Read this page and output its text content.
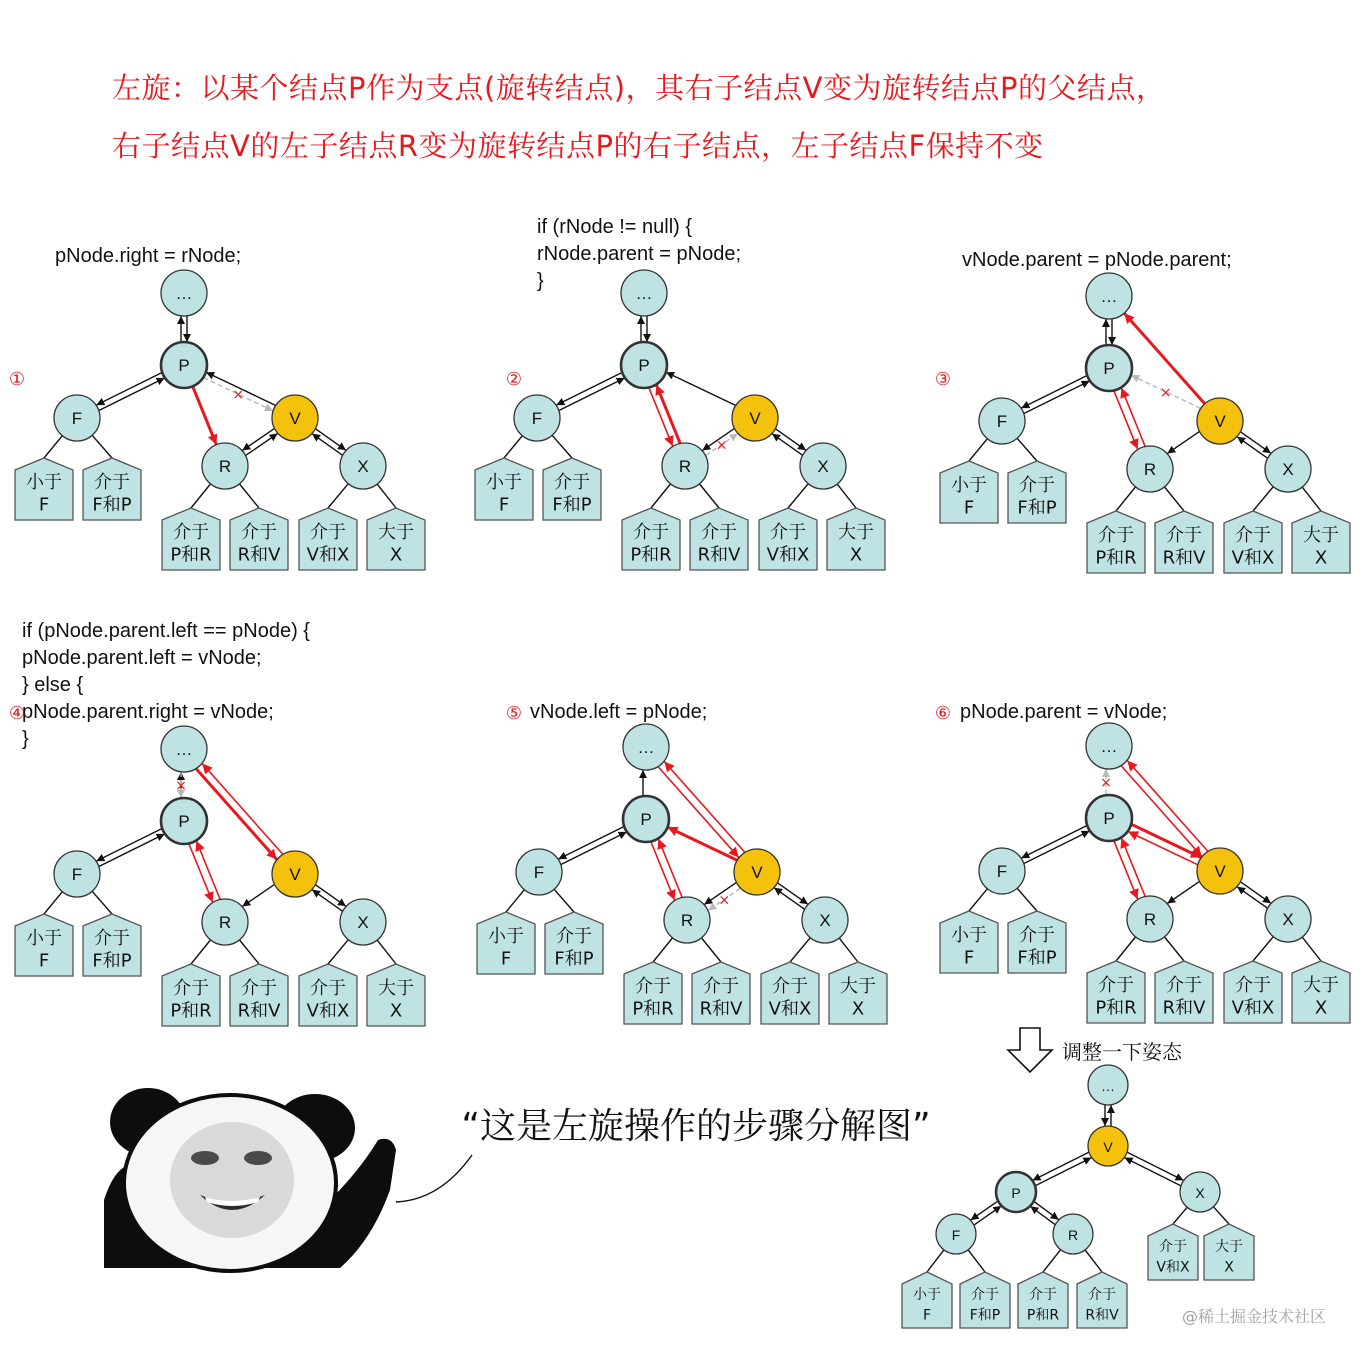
左旋：以某个结点P作为支点(旋转结点)，其右子结点V变为旋转结点P的父结点，
右子结点V的左子结点R变为旋转结点P的右子结点，左子结点F保持不变
pNode.right = rNode;
①
×
…
P
F	V
R	X
小于
F
介于
F和P
介于
P和R
介于
R和V
介于
V和X
大于
X
if (rNode != null) {
rNode.parent = pNode;
}
②
×
…
P
F	V
R	X
小于
F
介于
F和P
介于
P和R
介于
R和V
介于
V和X
大于
X
vNode.parent = pNode.parent;
③
×
…
P
F	V
R	X
小于
F
介于
F和P
介于
P和R
介于
R和V
介于
V和X
大于
X
if (pNode.parent.left == pNode) {
pNode.parent.left = vNode;
} else {
pNode.parent.right = vNode;
}
④
×
…
P
F	V
R	X
小于
F
介于
F和P
介于
P和R
介于
R和V
介于
V和X
大于
X
vNode.left = pNode;
⑤
×
…
P
F	V
R	X
小于
F
介于
F和P
介于
P和R
介于
R和V
介于
V和X
大于
X
pNode.parent = vNode;
⑥
×
…
P
F	V
R	X
小于
F
介于
F和P
介于
P和R
介于
R和V
介于
V和X
大于
X
调整一下姿态
…
V
P	X
F	R
小于
F
介于
F和P
介于
P和R
介于
R和V
介于
V和X
大于
X
“这是左旋操作的步骤分解图”
@稀土掘金技术社区
